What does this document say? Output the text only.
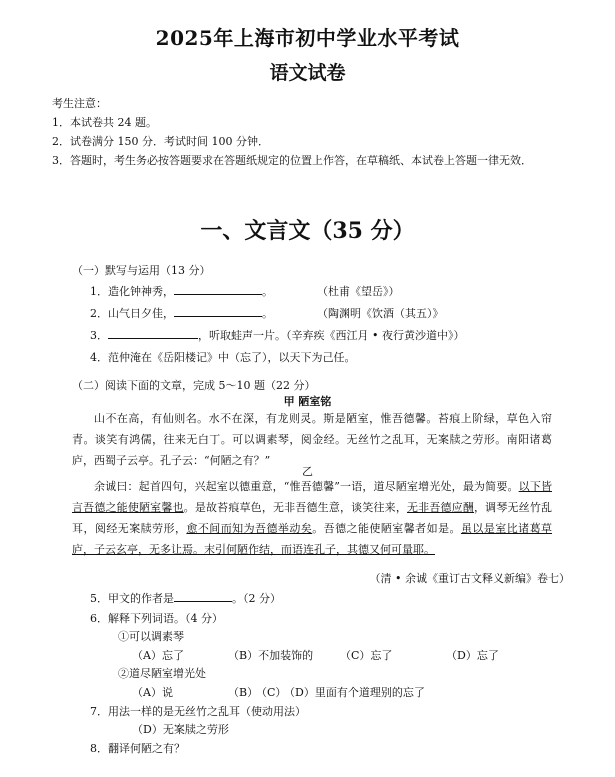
2025年上海市初中学业水平考试
语文试卷

考生注意：

1．本试卷共 24 题。

2．试卷满分 150 分．考试时间 100 分钟．

3．答题时，考生务必按答题要求在答题纸规定的位置上作答，在草稿纸、本试卷上答题一律无效．

一、文言文（35 分）
（一）默写与运用（13 分）
1．造化钟神秀，	。	（杜甫《望岳》）
2．山气日夕佳，	。	（陶渊明《饮酒（其五）》
3．	，听取蛙声一片。（辛弃疾《西江月 • 夜行黄沙道中》）
4．范仲淹在《岳阳楼记》中（忘了），以天下为己任。
（二）阅读下面的文章，完成 5～10 题（22 分）
甲 陋室铭

山不在高，有仙则名。水不在深，有龙则灵。斯是陋室，惟吾德馨。苔痕上阶绿，草色入帘青。谈笑有鸿儒，往来无白丁。可以调素琴，阅金经。无丝竹之乱耳，无案牍之劳形。南阳诸葛庐，西蜀子云亭。孔子云：“何陋之有？”

乙

余诚曰：起首四句，兴起室以德重意，“惟吾德馨”一语，道尽陋室增光处，最为简要。以下皆言吾德之能使陋室馨也。是故苔痕草色，无非吾德生意，谈笑往来，无非吾德应酬，调琴无丝竹乱耳，阅经无案牍劳形，愈不间而知为吾德举动矣。吾德之能使陋室馨者如是。虽以是室比诸葛草庐，子云玄亭，无多让焉。末引何陋作结，而语连孔子，其德又何可量耶。

（清 • 余诚《重订古文释义新编》卷七）
5．甲文的作者是	。（2 分）
6．解释下列词语。（4 分）
①可以调素琴
（A）忘了	（B）不加装饰的 （C）忘了	（D）忘了
②道尽陋室增光处
（A）说	（B）（C）（D）里面有个道理别的忘了
7．用法一样的是无丝竹之乱耳（使动用法）
（D）无案牍之劳形
8．翻译何陋之有？
